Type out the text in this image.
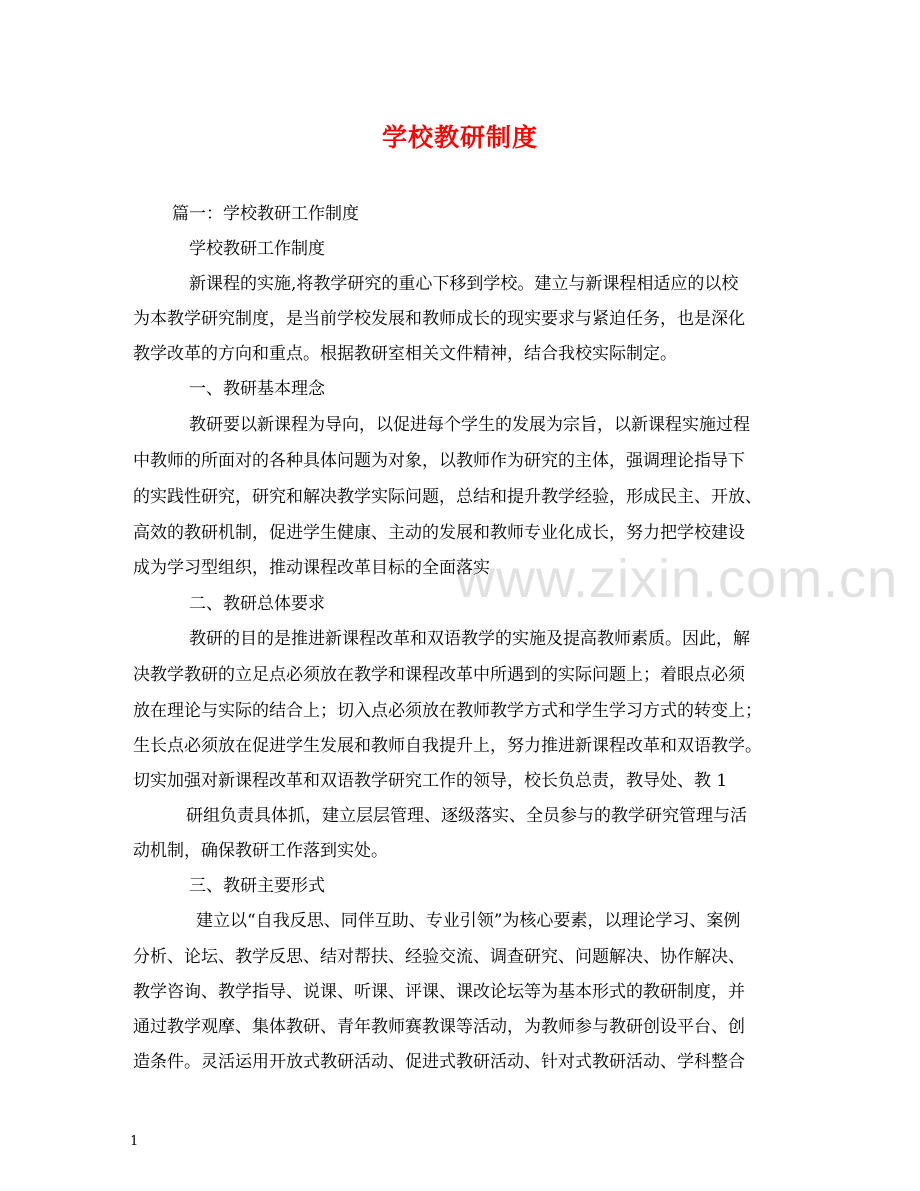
学校教研制度
www.zixin.com.cn
篇一：学校教研工作制度
学校教研工作制度
新课程的实施,将教学研究的重心下移到学校。建立与新课程相适应的以校
为本教学研究制度，是当前学校发展和教师成长的现实要求与紧迫任务，也是深化
教学改革的方向和重点。根据教研室相关文件精神，结合我校实际制定。
一、教研基本理念
教研要以新课程为导向，以促进每个学生的发展为宗旨，以新课程实施过程
中教师的所面对的各种具体问题为对象，以教师作为研究的主体，强调理论指导下
的实践性研究，研究和解决教学实际问题，总结和提升教学经验，形成民主、开放、
高效的教研机制，促进学生健康、主动的发展和教师专业化成长，努力把学校建设
成为学习型组织，推动课程改革目标的全面落实
二、教研总体要求
教研的目的是推进新课程改革和双语教学的实施及提高教师素质。因此，解
决教学教研的立足点必须放在教学和课程改革中所遇到的实际问题上；着眼点必须
放在理论与实际的结合上；切入点必须放在教师教学方式和学生学习方式的转变上；
生长点必须放在促进学生发展和教师自我提升上，努力推进新课程改革和双语教学。
切实加强对新课程改革和双语教学研究工作的领导，校长负总责，教导处、教 1
研组负责具体抓，建立层层管理、逐级落实、全员参与的教学研究管理与活
动机制，确保教研工作落到实处。
三、教研主要形式
建立以“自我反思、同伴互助、专业引领”为核心要素，以理论学习、案例
分析、论坛、教学反思、结对帮扶、经验交流、调查研究、问题解决、协作解决、
教学咨询、教学指导、说课、听课、评课、课改论坛等为基本形式的教研制度，并
通过教学观摩、集体教研、青年教师赛教课等活动，为教师参与教研创设平台、创
造条件。灵活运用开放式教研活动、促进式教研活动、针对式教研活动、学科整合
1
